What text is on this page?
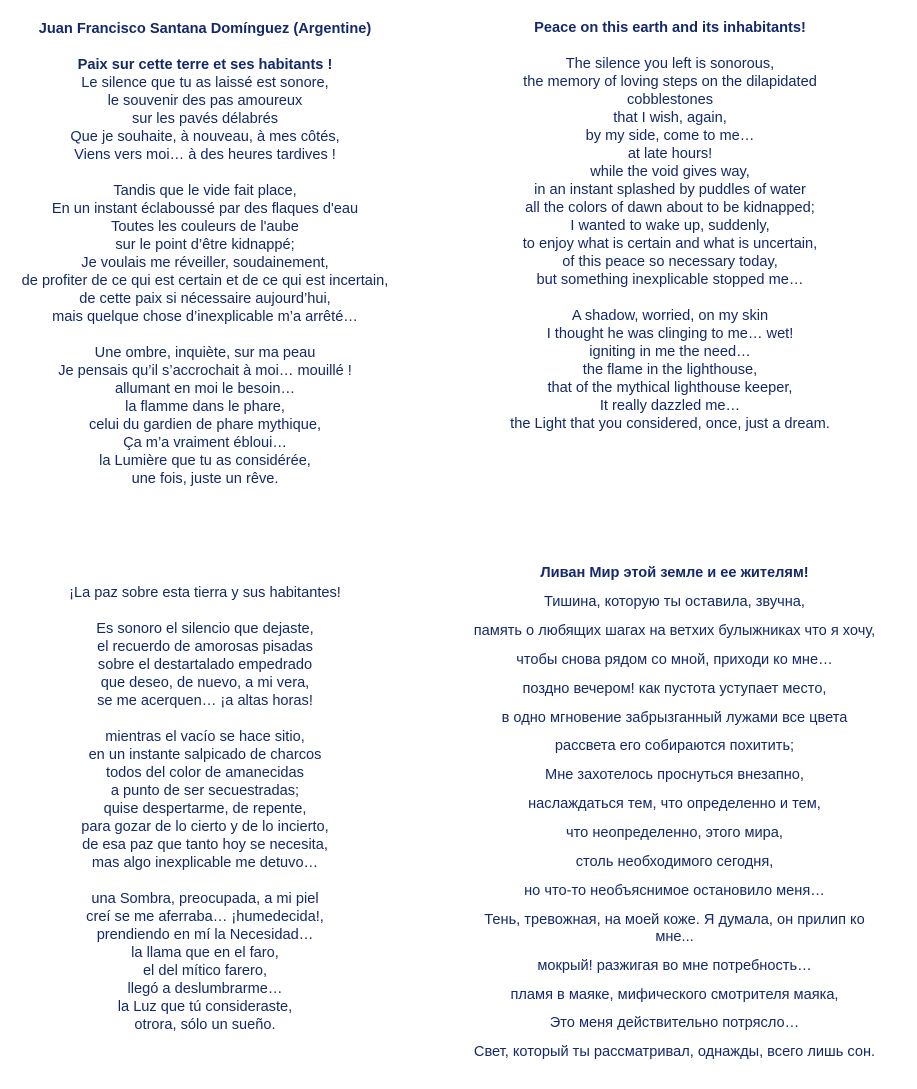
Juan Francisco Santana Domínguez (Argentine)
Paix sur cette terre et ses habitants !
Le silence que tu as laissé est sonore,
le souvenir des pas amoureux
sur les pavés délabrés
Que je souhaite, à nouveau, à mes côtés,
Viens vers moi… à des heures tardives !
Tandis que le vide fait place,
En un instant éclaboussé par des flaques d'eau
Toutes les couleurs de l'aube
sur le point d’être kidnappé;
Je voulais me réveiller, soudainement,
de profiter de ce qui est certain et de ce qui est incertain,
de cette paix si nécessaire aujourd’hui,
mais quelque chose d’inexplicable m’a arrêté…
Une ombre, inquiète, sur ma peau
Je pensais qu’il s’accrochait à moi… mouillé !
allumant en moi le besoin…
la flamme dans le phare,
celui du gardien de phare mythique,
Ça m’a vraiment ébloui…
la Lumière que tu as considérée,
une fois, juste un rêve.
Peace on this earth and its inhabitants!
The silence you left is sonorous,
the memory of loving steps on the dilapidated
cobblestones
that I wish, again,
by my side, come to me…
at late hours!
while the void gives way,
in an instant splashed by puddles of water
all the colors of dawn about to be kidnapped;
I wanted to wake up, suddenly,
to enjoy what is certain and what is uncertain,
of this peace so necessary today,
but something inexplicable stopped me…
A shadow, worried, on my skin
I thought he was clinging to me… wet!
igniting in me the need…
the flame in the lighthouse,
that of the mythical lighthouse keeper,
It really dazzled me…
the Light that you considered, once, just a dream.
¡La paz sobre esta tierra y sus habitantes!
Es sonoro el silencio que dejaste,
el recuerdo de amorosas pisadas
sobre el destartalado empedrado
que deseo, de nuevo, a mi vera,
se me acerquen… ¡a altas horas!
mientras el vacío se hace sitio,
en un instante salpicado de charcos
todos del color de amanecidas
a punto de ser secuestradas;
quise despertarme, de repente,
para gozar de lo cierto y de lo incierto,
de esa paz que tanto hoy se necesita,
mas algo inexplicable me detuvo…
una Sombra, preocupada, a mi piel
creí se me aferraba… ¡humedecida!,
prendiendo en mí la Necesidad…
la llama que en el faro,
el del mítico farero,
llegó a deslumbrarme…
la Luz que tú consideraste,
otrora, sólo un sueño.
Ливан Мир этой земле и ее жителям!
Тишина, которую ты оставила, звучна,
память о любящих шагах на ветхих булыжниках что я хочу,
чтобы снова рядом со мной, приходи ко мне…
поздно вечером! как пустота уступает место,
в одно мгновение забрызганный лужами все цвета
рассвета его собираются похитить;
Мне захотелось проснуться внезапно,
наслаждаться тем, что определенно и тем,
что неопределенно, этого мира,
столь необходимого сегодня,
но что-то необъяснимое остановило меня…
Тень, тревожная, на моей коже. Я думала, он прилип ко мне...
мокрый! разжигая во мне потребность…
пламя в маяке, мифического смотрителя маяка,
Это меня действительно потрясло…
Свет, который ты рассматривал, однажды, всего лишь сон.
